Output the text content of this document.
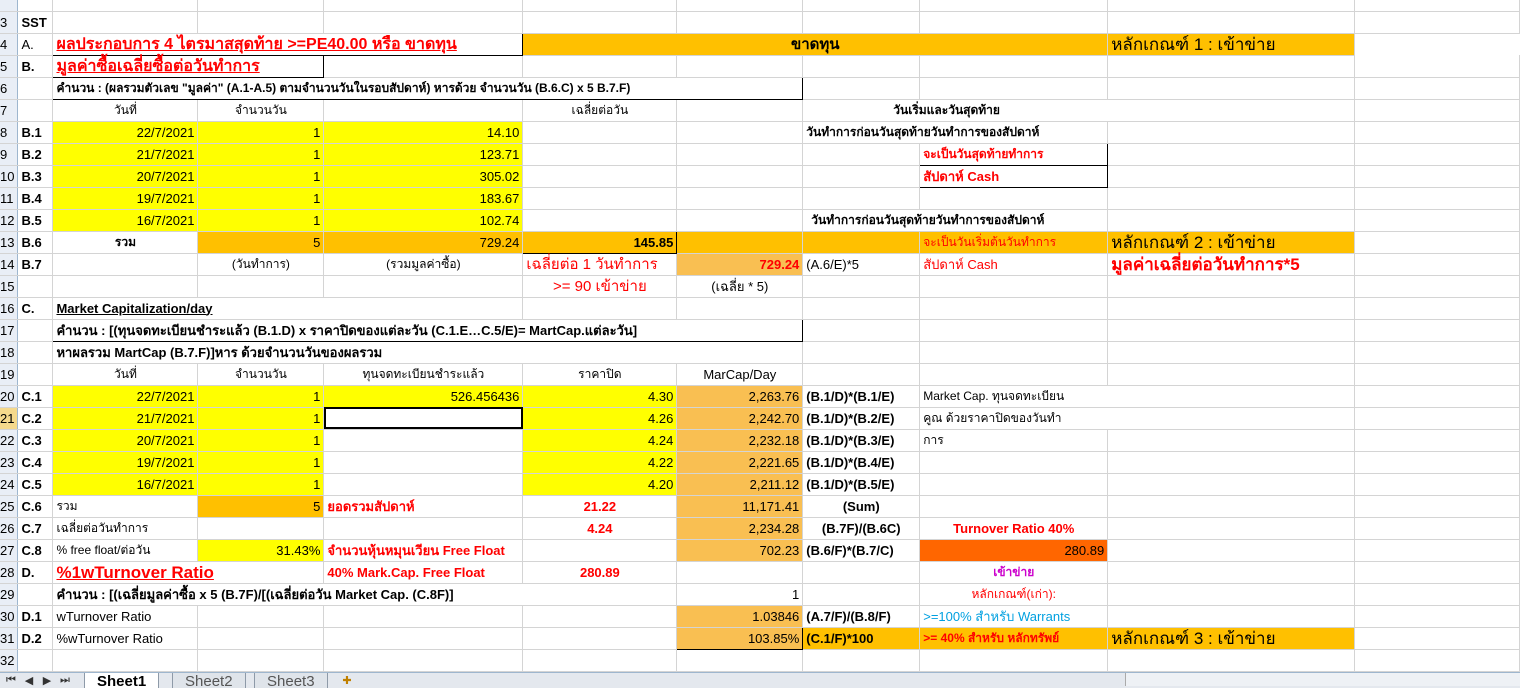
3	SST									
4	A.	ผลประกอบการ 4 ไตรมาสสุดท้าย >=PE40.00 หรือ ขาดทุน			ขาดทุน				หลักเกณฑ์ 1 : เข้าข่าย	
5	B.	มูลค่าซื้อเฉลี่ยซื้อต่อวันทำการ								
6		คำนวน : (ผลรวมตัวเลข "มูลค่า" (A.1-A.5) ตามจำนวนวันในรอบสัปดาห์) หารด้วย จำนวนวัน (B.6.C) x 5 B.7.F)								
7		วันที่	จำนวนวัน		เฉลี่ยต่อวัน		วันเริ่มและวันสุดท้าย			
8	B.1	22/7/2021	1	14.10			วันทำการก่อนวันสุดท้ายวันทำการของสัปดาห์			
9	B.2	21/7/2021	1	123.71				จะเป็นวันสุดท้ายทำการ		
10	B.3	20/7/2021	1	305.02				สัปดาห์ Cash		
11	B.4	19/7/2021	1	183.67						
12	B.5	16/7/2021	1	102.74			วันทำการก่อนวันสุดท้ายวันทำการของสัปดาห์			
13	B.6	รวม	5	729.24	145.85			จะเป็นวันเริ่มต้นวันทำการ	หลักเกณฑ์ 2 : เข้าข่าย	
14	B.7		(วันทำการ)	(รวมมูลค่าซื้อ)	เฉลี่ยต่อ 1 วันทำการ	729.24	(A.6/E)*5	สัปดาห์ Cash	มูลค่าเฉลี่ยต่อวันทำการ*5	
15					>= 90 เข้าข่าย	(เฉลี่ย * 5)				
16	C.	Market Capitalization/day								
17		คำนวน : [(ทุนจดทะเบียนชำระแล้ว (B.1.D) x ราคาปิดของแต่ละวัน (C.1.E…C.5/E)= MartCap.แต่ละวัน]								
18		หาผลรวม MartCap (B.7.F)]หาร ด้วยจำนวนวันของผลรวม								
19		วันที่	จำนวนวัน	ทุนจดทะเบียนชำระแล้ว	ราคาปิด	MarCap/Day				
20	C.1	22/7/2021	1	526.456436	4.30	2,263.76	(B.1/D)*(B.1/E)	Market Cap. ทุนจดทะเบียน		
21	C.2	21/7/2021	1		4.26	2,242.70	(B.1/D)*(B.2/E)	คูณ ด้วยราคาปิดของวันทำ		
22	C.3	20/7/2021	1		4.24	2,232.18	(B.1/D)*(B.3/E)	การ		
23	C.4	19/7/2021	1		4.22	2,221.65	(B.1/D)*(B.4/E)			
24	C.5	16/7/2021	1		4.20	2,211.12	(B.1/D)*(B.5/E)			
25	C.6	รวม	5	ยอดรวมสัปดาห์	21.22	11,171.41	(Sum)			
26	C.7	เฉลี่ยต่อวันทำการ			4.24	2,234.28	(B.7F)/(B.6C)	Turnover Ratio 40%		
27	C.8	% free float/ต่อวัน	31.43%	จำนวนหุ้นหมุนเวียน Free Float		702.23	(B.6/F)*(B.7/C)	280.89		
28	D.	%1wTurnover Ratio		40% Mark.Cap. Free Float	280.89			เข้าข่าย		
29		คำนวน : [(เฉลี่ยมูลค่าซื้อ x 5 (B.7F)/[(เฉลี่ยต่อวัน Market Cap. (C.8F)]				1		หลักเกณฑ์(เก่า):		
30	D.1	wTurnover Ratio				1.03846	(A.7/F)/(B.8/F)	>=100% สำหรับ Warrants		
31	D.2	%wTurnover Ratio				103.85%	(C.1/F)*100	>= 40% สำหรับ หลักทรัพย์	หลักเกณฑ์ 3 : เข้าข่าย	
32										
⏮ ◀ ▶ ⏭	Sheet1	Sheet2	Sheet3	✚
